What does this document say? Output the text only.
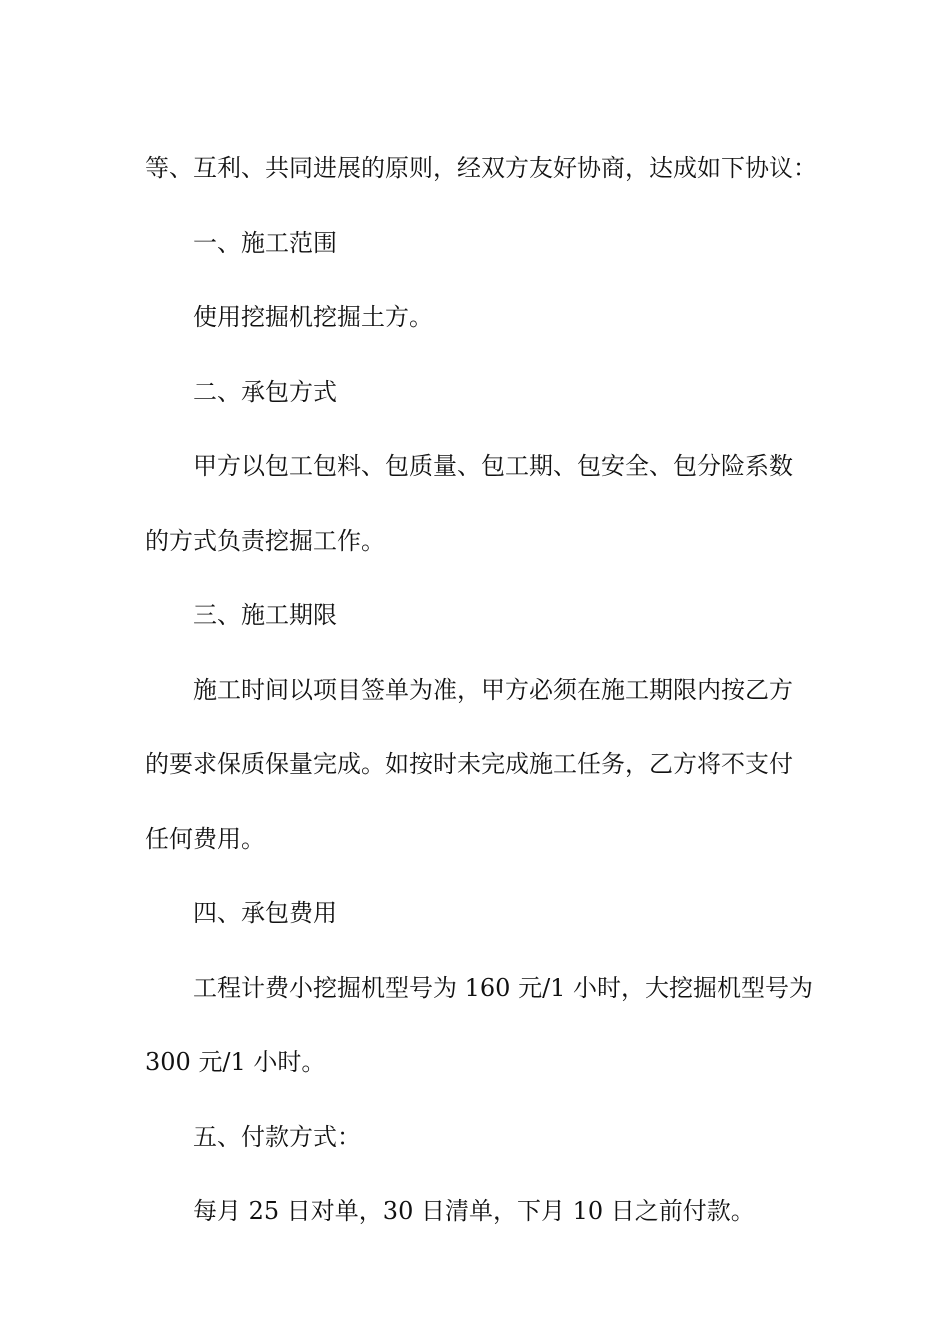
等、互利、共同进展的原则，经双方友好协商，达成如下协议：

一、施工范围

使用挖掘机挖掘土方。

二、承包方式

甲方以包工包料、包质量、包工期、包安全、包分险系数

的方式负责挖掘工作。

三、施工期限

施工时间以项目签单为准，甲方必须在施工期限内按乙方

的要求保质保量完成。如按时未完成施工任务，乙方将不支付

任何费用。

四、承包费用

工程计费小挖掘机型号为 160 元/1 小时，大挖掘机型号为

300 元/1 小时。

五、付款方式：

每月 25 日对单，30 日清单，下月 10 日之前付款。
